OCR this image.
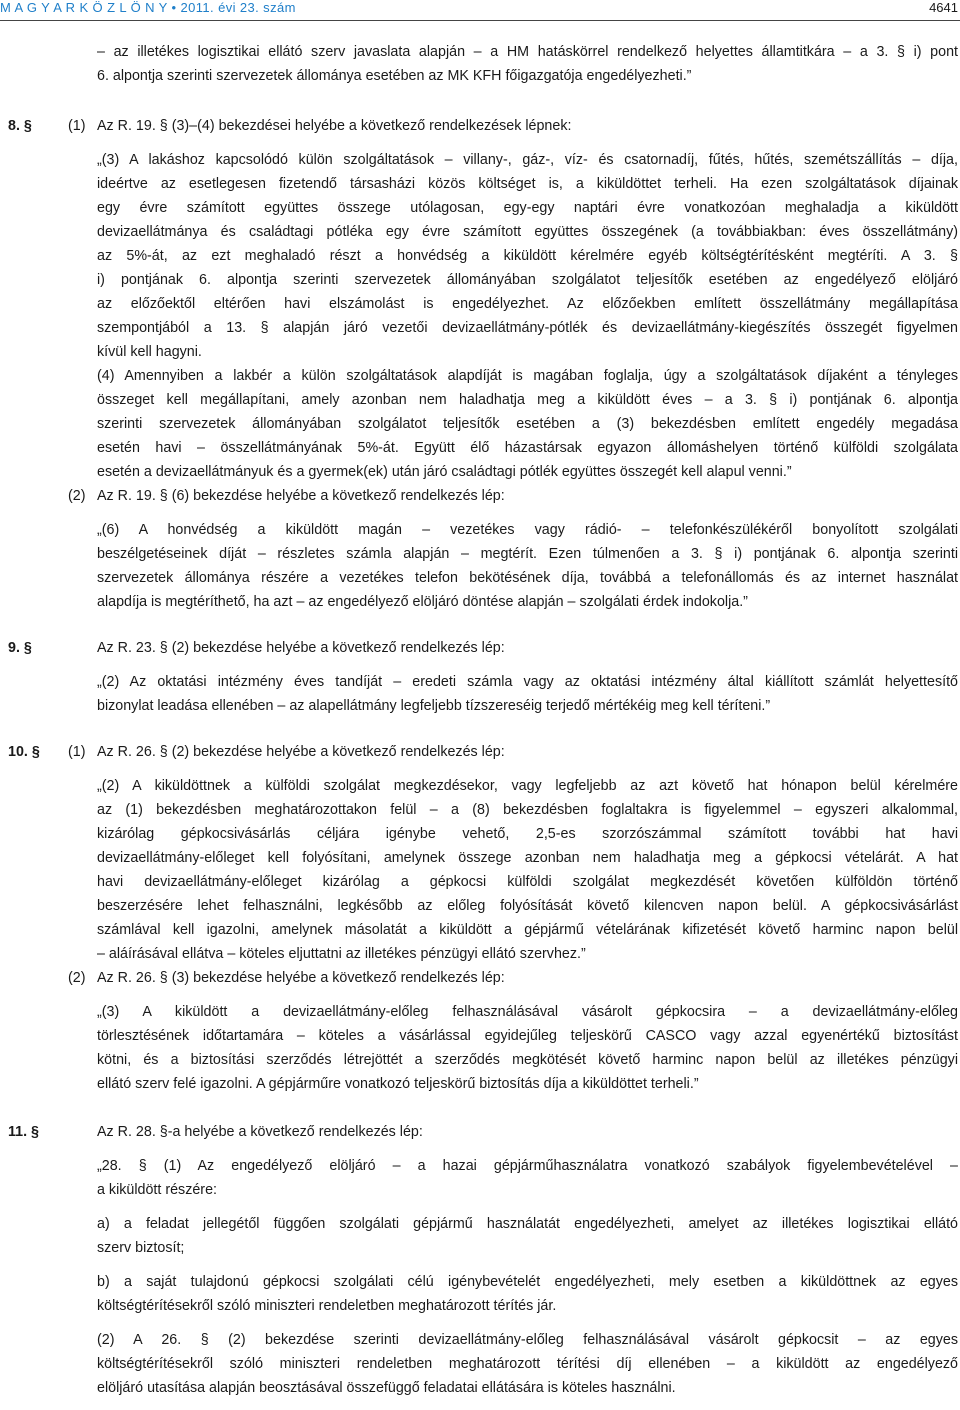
M A G Y A R K Ö Z L Ö N Y • 2011. évi 23. szám	4641
– az illetékes logisztikai ellátó szerv javaslata alapján – a HM hatáskörrel rendelkező helyettes államtitkára – a 3. § i) pont
6. alpontja szerinti szervezetek állománya esetében az MK KFH főigazgatója engedélyezheti.”
Az R. 19. § (3)–(4) bekezdései helyébe a következő rendelkezések lépnek:
„(3) A lakáshoz kapcsolódó külön szolgáltatások – villany-, gáz-, víz- és csatornadíj, fűtés, hűtés, szemétszállítás – díja,
ideértve az esetlegesen fizetendő társasházi közös költséget is, a kiküldöttet terheli. Ha ezen szolgáltatások díjainak
egy évre számított együttes összege utólagosan, egy-egy naptári évre vonatkozóan meghaladja a kiküldött
devizaellátmánya és családtagi pótléka egy évre számított együttes összegének (a továbbiakban: éves összellátmány)
az 5%-át, az ezt meghaladó részt a honvédség a kiküldött kérelmére egyéb költségtérítésként megtéríti. A 3. §
i) pontjának 6. alpontja szerinti szervezetek állományában szolgálatot teljesítők esetében az engedélyező elöljáró
az előzőektől eltérően havi elszámolást is engedélyezhet. Az előzőekben említett összellátmány megállapítása
szempontjából a 13. § alapján járó vezetői devizaellátmány-pótlék és devizaellátmány-kiegészítés összegét figyelmen
kívül kell hagyni.
(4) Amennyiben a lakbér a külön szolgáltatások alapdíját is magában foglalja, úgy a szolgáltatások díjaként a tényleges
összeget kell megállapítani, amely azonban nem haladhatja meg a kiküldött éves – a 3. § i) pontjának 6. alpontja
szerinti szervezetek állományában szolgálatot teljesítők esetében a (3) bekezdésben említett engedély megadása
esetén havi – összellátmányának 5%-át. Együtt élő házastársak egyazon állomáshelyen történő külföldi szolgálata
esetén a devizaellátmányuk és a gyermek(ek) után járó családtagi pótlék együttes összegét kell alapul venni.”
Az R. 19. § (6) bekezdése helyébe a következő rendelkezés lép:
„(6) A honvédség a kiküldött magán – vezetékes vagy rádió- – telefonkészülékéről bonyolított szolgálati
beszélgetéseinek díját – részletes számla alapján – megtérít. Ezen túlmenően a 3. § i) pontjának 6. alpontja szerinti
szervezetek állománya részére a vezetékes telefon bekötésének díja, továbbá a telefonállomás és az internet használat
alapdíja is megtéríthető, ha azt – az engedélyező elöljáró döntése alapján – szolgálati érdek indokolja.”
Az R. 23. § (2) bekezdése helyébe a következő rendelkezés lép:
„(2) Az oktatási intézmény éves tandíját – eredeti számla vagy az oktatási intézmény által kiállított számlát helyettesítő
bizonylat leadása ellenében – az alapellátmány legfeljebb tízszereséig terjedő mértékéig meg kell téríteni.”
Az R. 26. § (2) bekezdése helyébe a következő rendelkezés lép:
„(2) A kiküldöttnek a külföldi szolgálat megkezdésekor, vagy legfeljebb az azt követő hat hónapon belül kérelmére
az (1) bekezdésben meghatározottakon felül – a (8) bekezdésben foglaltakra is figyelemmel – egyszeri alkalommal,
kizárólag gépkocsivásárlás céljára igénybe vehető, 2,5-es szorzószámmal számított további hat havi
devizaellátmány-előleget kell folyósítani, amelynek összege azonban nem haladhatja meg a gépkocsi vételárát. A hat
havi devizaellátmány-előleget kizárólag a gépkocsi külföldi szolgálat megkezdését követően külföldön történő
beszerzésére lehet felhasználni, legkésőbb az előleg folyósítását követő kilencven napon belül. A gépkocsivásárlást
számlával kell igazolni, amelynek másolatát a kiküldött a gépjármű vételárának kifizetését követő harminc napon belül
– aláírásával ellátva – köteles eljuttatni az illetékes pénzügyi ellátó szervhez.”
Az R. 26. § (3) bekezdése helyébe a következő rendelkezés lép:
„(3) A kiküldött a devizaellátmány-előleg felhasználásával vásárolt gépkocsira – a devizaellátmány-előleg
törlesztésének időtartamára – köteles a vásárlással egyidejűleg teljeskörű CASCO vagy azzal egyenértékű biztosítást
kötni, és a biztosítási szerződés létrejöttét a szerződés megkötését követő harminc napon belül az illetékes pénzügyi
ellátó szerv felé igazolni. A gépjárműre vonatkozó teljeskörű biztosítás díja a kiküldöttet terheli.”
Az R. 28. §-a helyébe a következő rendelkezés lép:
„28. § (1) Az engedélyező elöljáró – a hazai gépjárműhasználatra vonatkozó szabályok figyelembevételével –
a kiküldött részére:
a) a feladat jellegétől függően szolgálati gépjármű használatát engedélyezheti, amelyet az illetékes logisztikai ellátó
szerv biztosít;
b) a saját tulajdonú gépkocsi szolgálati célú igénybevételét engedélyezheti, mely esetben a kiküldöttnek az egyes
költségtérítésekről szóló miniszteri rendeletben meghatározott térítés jár.
(2) A 26. § (2) bekezdése szerinti devizaellátmány-előleg felhasználásával vásárolt gépkocsit – az egyes
költségtérítésekről szóló miniszteri rendeletben meghatározott térítési díj ellenében – a kiküldött az engedélyező
elöljáró utasítása alapján beosztásával összefüggő feladatai ellátására is köteles használni.
8. §
9. §
10. §
11. §
(1)
(2)
(1)
(2)
